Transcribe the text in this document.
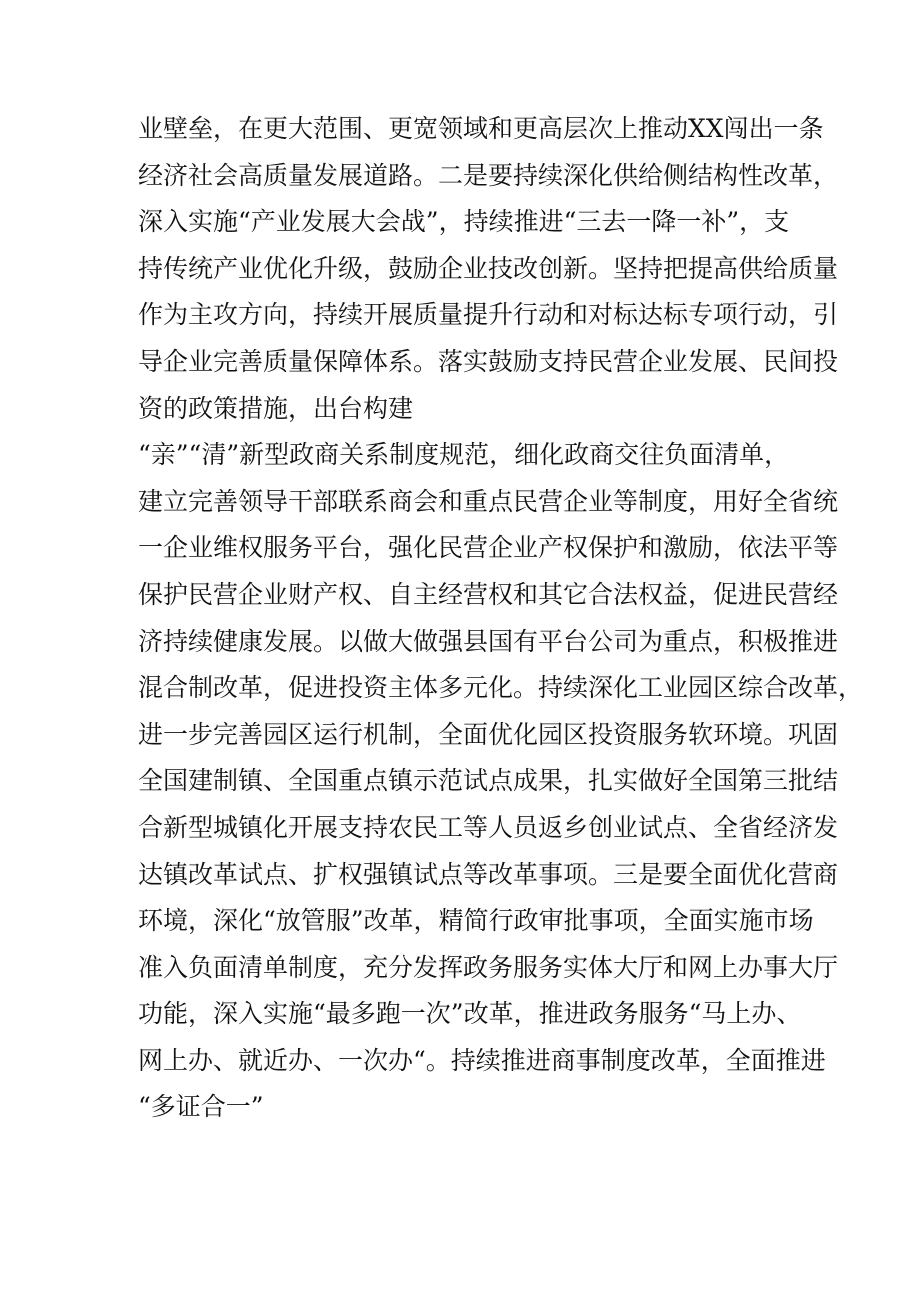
业壁垒，在更大范围、更宽领域和更高层次上推动XX闯出一条
经济社会高质量发展道路。二是要持续深化供给侧结构性改革，
深入实施“产业发展大会战”，持续推进“三去一降一补”，支
持传统产业优化升级，鼓励企业技改创新。坚持把提高供给质量
作为主攻方向，持续开展质量提升行动和对标达标专项行动，引
导企业完善质量保障体系。落实鼓励支持民营企业发展、民间投
资的政策措施，出台构建
“亲”“清”新型政商关系制度规范，细化政商交往负面清单，
建立完善领导干部联系商会和重点民营企业等制度，用好全省统
一企业维权服务平台，强化民营企业产权保护和激励，依法平等
保护民营企业财产权、自主经营权和其它合法权益，促进民营经
济持续健康发展。以做大做强县国有平台公司为重点，积极推进
混合制改革，促进投资主体多元化。持续深化工业园区综合改革，
进一步完善园区运行机制，全面优化园区投资服务软环境。巩固
全国建制镇、全国重点镇示范试点成果，扎实做好全国第三批结
合新型城镇化开展支持农民工等人员返乡创业试点、全省经济发
达镇改革试点、扩权强镇试点等改革事项。三是要全面优化营商
环境，深化“放管服”改革，精简行政审批事项，全面实施市场
准入负面清单制度，充分发挥政务服务实体大厅和网上办事大厅
功能，深入实施“最多跑一次”改革，推进政务服务“马上办、
网上办、就近办、一次办“。持续推进商事制度改革，全面推进
“多证合一”
